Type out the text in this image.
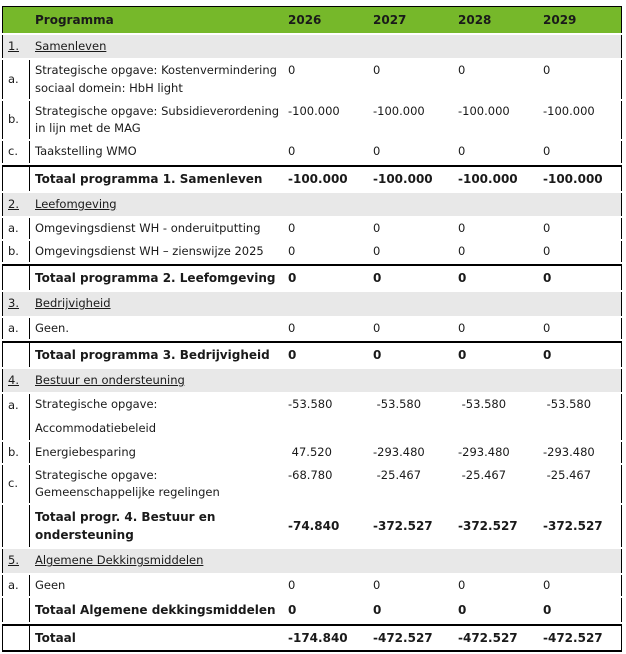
	Programma	2026	2027	2028	2029
1.	Samenleven				
a.	Strategische opgave: Kostenvermindering
sociaal domein: HbH light	0	0	0	0
b.	Strategische opgave: Subsidieverordening
in lijn met de MAG	-100.000	-100.000	-100.000	-100.000
c.	Taakstelling WMO	0	0	0	0

	Totaal programma 1. Samenleven	-100.000	-100.000	-100.000	-100.000
2.	Leefomgeving				
a.	Omgevingsdienst WH - onderuitputting	0	0	0	0
b.	Omgevingsdienst WH – zienswijze 2025	0	0	0	0

	Totaal programma 2. Leefomgeving	0	0	0	0
3.	Bedrijvigheid				
a.	Geen.	0	0	0	0

	Totaal programma 3. Bedrijvigheid	0	0	0	0
4.	Bestuur en ondersteuning				
a.	Strategische opgave:
Accommodatiebeleid	-53.580	-53.580	-53.580	-53.580
b.	Energiebesparing	47.520	-293.480	-293.480	-293.480
c.	Strategische opgave:
Gemeenschappelijke regelingen	-68.780	-25.467	-25.467	-25.467

	Totaal progr. 4. Bestuur en
ondersteuning	-74.840	-372.527	-372.527	-372.527
5.	Algemene Dekkingsmiddelen				
a.	Geen	0	0	0	0

	Totaal Algemene dekkingsmiddelen	0	0	0	0

	Totaal	-174.840	-472.527	-472.527	-472.527
